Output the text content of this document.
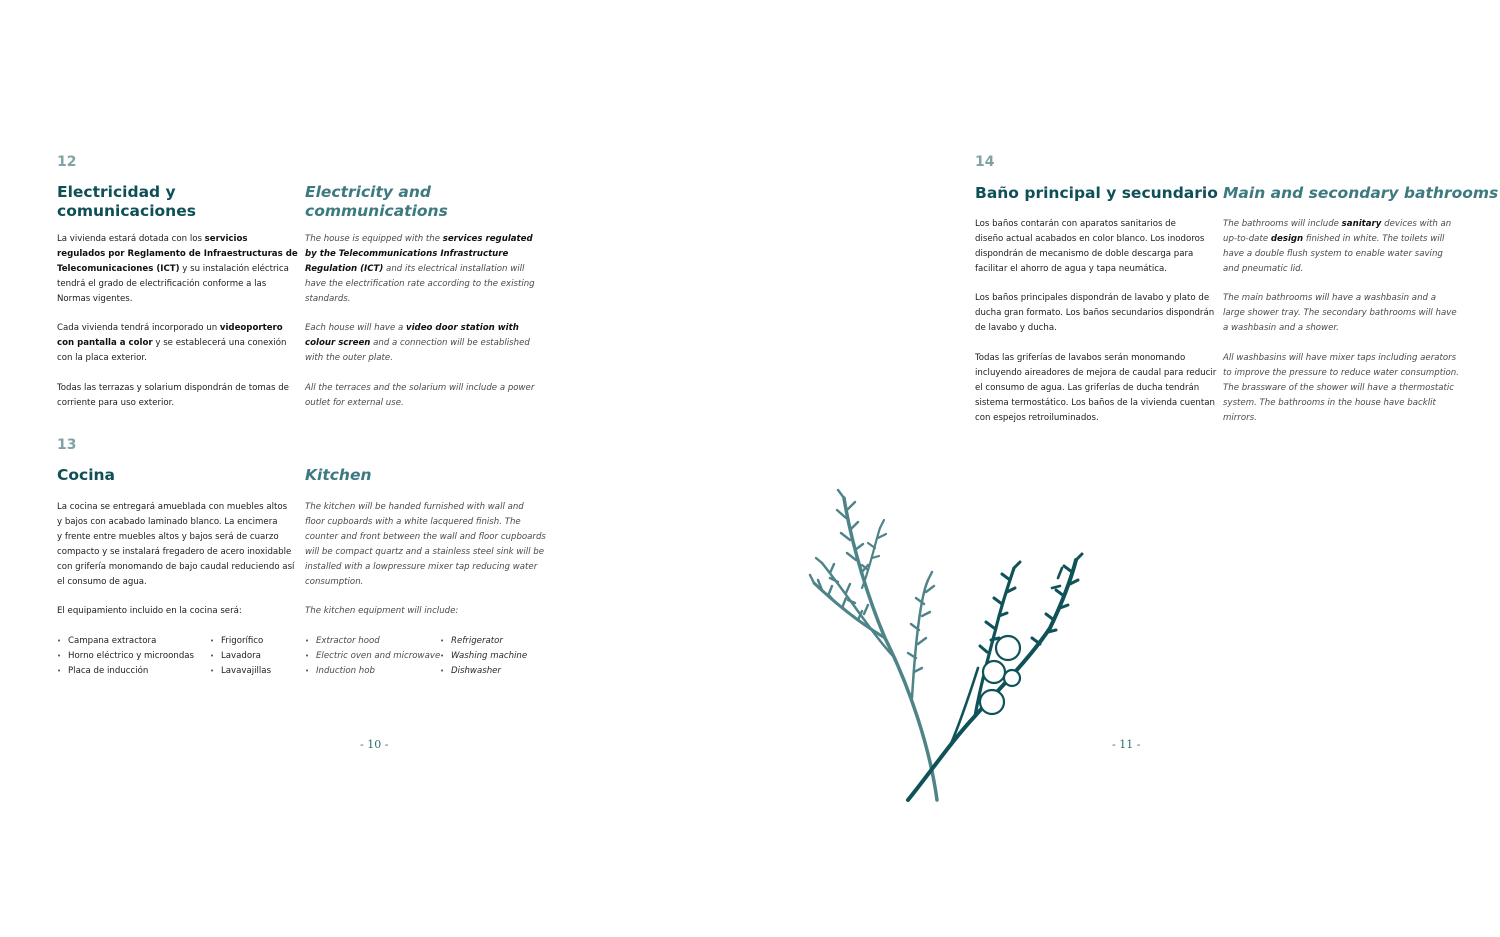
12
Electricidad y
comunicaciones
Electricity and
communications

La vivienda estará dotada con los servicios
regulados por Reglamento de Infraestructuras de
Telecomunicaciones (ICT) y su instalación eléctrica
tendrá el grado de electrificación conforme a las
Normas vigentes.

Cada vivienda tendrá incorporado un videoportero
con pantalla a color y se establecerá una conexión
con la placa exterior.

Todas las terrazas y solarium dispondrán de tomas de
corriente para uso exterior.

The house is equipped with the services regulated
by the Telecommunications Infrastructure
Regulation (ICT) and its electrical installation will
have the electrification rate according to the existing
standards.

Each house will have a video door station with
colour screen and a connection will be established
with the outer plate.

All the terraces and the solarium will include a power
outlet for external use.

13
Cocina	Kitchen

La cocina se entregará amueblada con muebles altos
y bajos con acabado laminado blanco. La encimera
y frente entre muebles altos y bajos será de cuarzo
compacto y se instalará fregadero de acero inoxidable
con grifería monomando de bajo caudal reduciendo así
el consumo de agua.

El equipamiento incluido en la cocina será:

• Campana extractora
• Horno eléctrico y microondas
• Placa de inducción
• Frigorífico
• Lavadora
• Lavavajillas

The kitchen will be handed furnished with wall and
floor cupboards with a white lacquered finish. The
counter and front between the wall and floor cupboards
will be compact quartz and a stainless steel sink will be
installed with a lowpressure mixer tap reducing water
consumption.

The kitchen equipment will include:

• Extractor hood
• Electric oven and microwave
• Induction hob
• Refrigerator
• Washing machine
• Dishwasher
- 10 -
14
Baño principal y secundario Main and secondary bathrooms

Los baños contarán con aparatos sanitarios de
diseño actual acabados en color blanco. Los inodoros
dispondrán de mecanismo de doble descarga para
facilitar el ahorro de agua y tapa neumática.

Los baños principales dispondrán de lavabo y plato de
ducha gran formato. Los baños secundarios dispondrán
de lavabo y ducha.

Todas las griferías de lavabos serán monomando
incluyendo aireadores de mejora de caudal para reducir
el consumo de agua. Las griferías de ducha tendrán
sistema termostático. Los baños de la vivienda cuentan
con espejos retroiluminados.

The bathrooms will include sanitary devices with an
up-to-date design finished in white. The toilets will
have a double flush system to enable water saving
and pneumatic lid.

The main bathrooms will have a washbasin and a
large shower tray. The secondary bathrooms will have
a washbasin and a shower.

All washbasins will have mixer taps including aerators
to improve the pressure to reduce water consumption.
The brassware of the shower will have a thermostatic
system. The bathrooms in the house have backlit
mirrors.

- 11 -
